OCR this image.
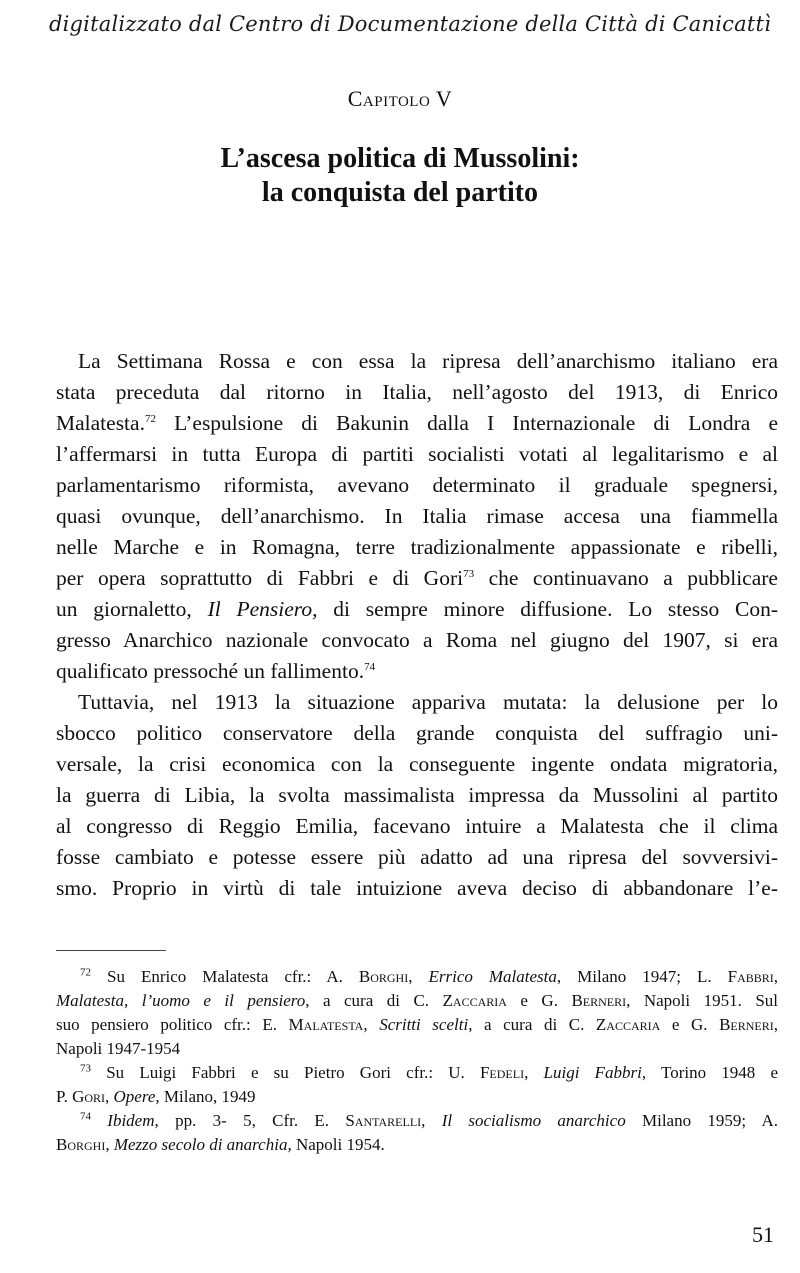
digitalizzato dal Centro di Documentazione della Città di Canicattì
Capitolo V
L’ascesa politica di Mussolini:
la conquista del partito
La Settimana Rossa e con essa la ripresa dell’anarchismo italiano era
stata preceduta dal ritorno in Italia, nell’agosto del 1913, di Enrico
Malatesta.$^{72}$ L’espulsione di Bakunin dalla I Internazionale di Londra e
l’affermarsi in tutta Europa di partiti socialisti votati al legalitarismo e al
parlamentarismo riformista, avevano determinato il graduale spegnersi,
quasi ovunque, dell’anarchismo. In Italia rimase accesa una fiammella
nelle Marche e in Romagna, terre tradizionalmente appassionate e ribelli,
per opera soprattutto di Fabbri e di Gori$^{73}$ che continuavano a pubblicare
un giornaletto, Il Pensiero, di sempre minore diffusione. Lo stesso Con-
gresso Anarchico nazionale convocato a Roma nel giugno del 1907, si era
qualificato pressoché un fallimento.$^{74}$
Tuttavia, nel 1913 la situazione appariva mutata: la delusione per lo
sbocco politico conservatore della grande conquista del suffragio uni-
versale, la crisi economica con la conseguente ingente ondata migratoria,
la guerra di Libia, la svolta massimalista impressa da Mussolini al partito
al congresso di Reggio Emilia, facevano intuire a Malatesta che il clima
fosse cambiato e potesse essere più adatto ad una ripresa del sovversivi-
smo. Proprio in virtù di tale intuizione aveva deciso di abbandonare l’e-
$^{72}$ Su Enrico Malatesta cfr.: A. Borghi, Errico Malatesta, Milano 1947; L. Fabbri,
Malatesta, l’uomo e il pensiero, a cura di C. Zaccaria e G. Berneri, Napoli 1951. Sul
suo pensiero politico cfr.: E. Malatesta, Scritti scelti, a cura di C. Zaccaria e G. Berneri,
Napoli 1947-1954
$^{73}$ Su Luigi Fabbri e su Pietro Gori cfr.: U. Fedeli, Luigi Fabbri, Torino 1948 e
P. Gori, Opere, Milano, 1949
$^{74}$ Ibidem, pp. 3- 5, Cfr. E. Santarelli, Il socialismo anarchico Milano 1959; A.
Borghi, Mezzo secolo di anarchia, Napoli 1954.
51
